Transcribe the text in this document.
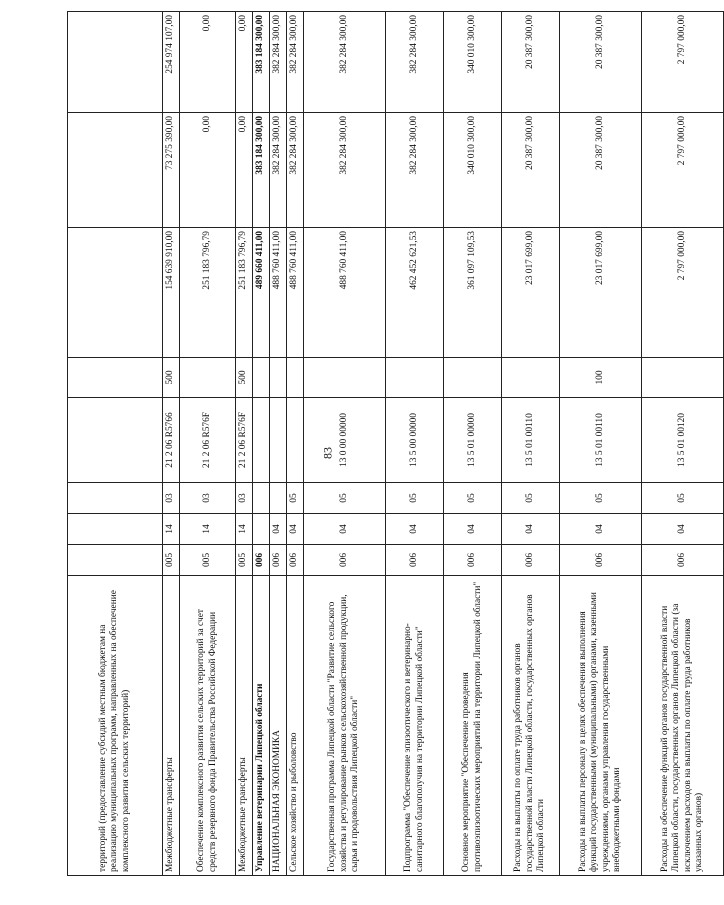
83
территорий (предоставление субсидий местным бюджетам на реализацию муниципальных программ, направленных на обеспечение комплексного развития сельских территорий)								
Межбюджетные трансферты	005	14	03	21 2 06 R5766	500	154 639 910,00	73 275 390,00	254 974 107,00
Обеспечение комплексного развития сельских территорий за счет средств резервного фонда Правительства Российской Федерации	005	14	03	21 2 06 R576F		251 183 796,79	0,00	0,00
Межбюджетные трансферты	005	14	03	21 2 06 R576F	500	251 183 796,79	0,00	0,00
Управление ветеринарии Липецкой области	006					489 660 411,00	383 184 300,00	383 184 300,00
НАЦИОНАЛЬНАЯ ЭКОНОМИКА	006	04				488 760 411,00	382 284 300,00	382 284 300,00
Сельское хозяйство и рыболовство	006	04	05			488 760 411,00	382 284 300,00	382 284 300,00
Государственная программа Липецкой области "Развитие сельского хозяйства и регулирование рынков сельскохозяйственной продукции, сырья и продовольствия Липецкой области"	006	04	05	13 0 00 00000		488 760 411,00	382 284 300,00	382 284 300,00
Подпрограмма "Обеспечение эпизоотического и ветеринарно-санитарного благополучия на территории Липецкой области"	006	04	05	13 5 00 00000		462 452 621,53	382 284 300,00	382 284 300,00
Основное мероприятие "Обеспечение проведения противоэпизоотических мероприятий на территории Липецкой области"	006	04	05	13 5 01 00000		361 097 109,53	340 010 300,00	340 010 300,00
Расходы на выплаты по оплате труда работников органов государственной власти Липецкой области, государственных органов Липецкой области	006	04	05	13 5 01 00110		23 017 699,00	20 387 300,00	20 387 300,00
Расходы на выплаты персоналу в целях обеспечения выполнения функций государственными (муниципальными) органами, казенными учреждениями, органами управления государственными внебюджетными фондами	006	04	05	13 5 01 00110	100	23 017 699,00	20 387 300,00	20 387 300,00
Расходы на обеспечение функций органов государственной власти Липецкой области, государственных органов Липецкой области (за исключением расходов на выплаты по оплате труда работников указанных органов)	006	04	05	13 5 01 00120		2 797 000,00	2 797 000,00	2 797 000,00
